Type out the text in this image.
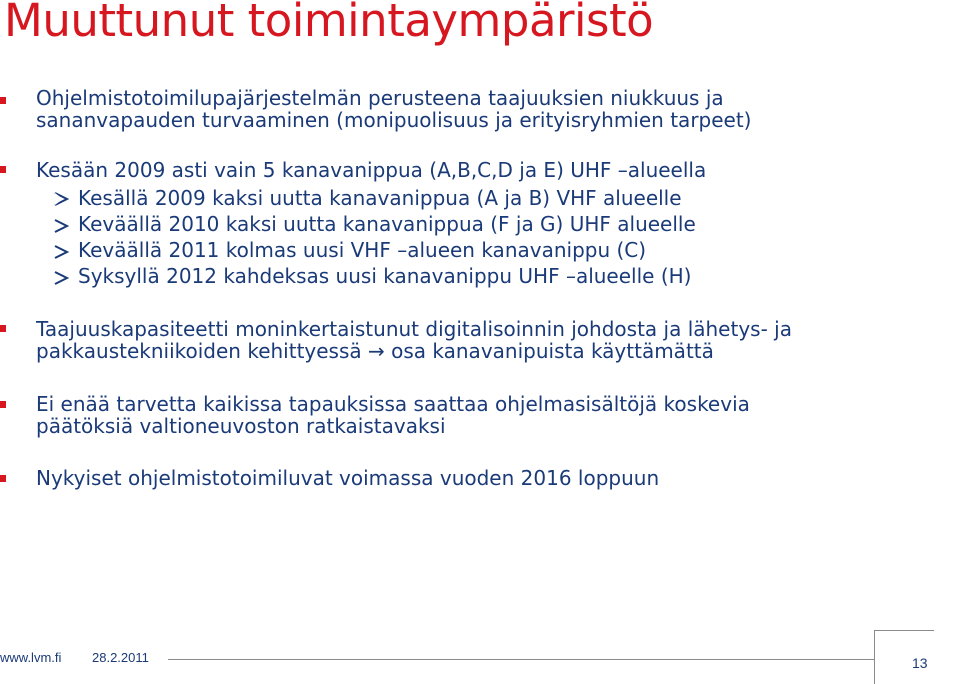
Muuttunut toimintaympäristö
Ohjelmistotoimilupajärjestelmän perusteena taajuuksien niukkuus ja
sananvapauden turvaaminen (monipuolisuus ja erityisryhmien tarpeet)
Kesään 2009 asti vain 5 kanavanippua (A,B,C,D ja E) UHF –alueella
Kesällä 2009 kaksi uutta kanavanippua (A ja B) VHF alueelle
Keväällä 2010 kaksi uutta kanavanippua (F ja G) UHF alueelle
Keväällä 2011 kolmas uusi VHF –alueen kanavanippu (C)
Syksyllä 2012 kahdeksas uusi kanavanippu UHF –alueelle (H)
Taajuuskapasiteetti moninkertaistunut digitalisoinnin johdosta ja lähetys- ja
pakkaustekniikoiden kehittyessä → osa kanavanipuista käyttämättä
Ei enää tarvetta kaikissa tapauksissa saattaa ohjelmasisältöjä koskevia
päätöksiä valtioneuvoston ratkaistavaksi
Nykyiset ohjelmistotoimiluvat voimassa vuoden 2016 loppuun
www.lvm.fi 28.2.2011	13
